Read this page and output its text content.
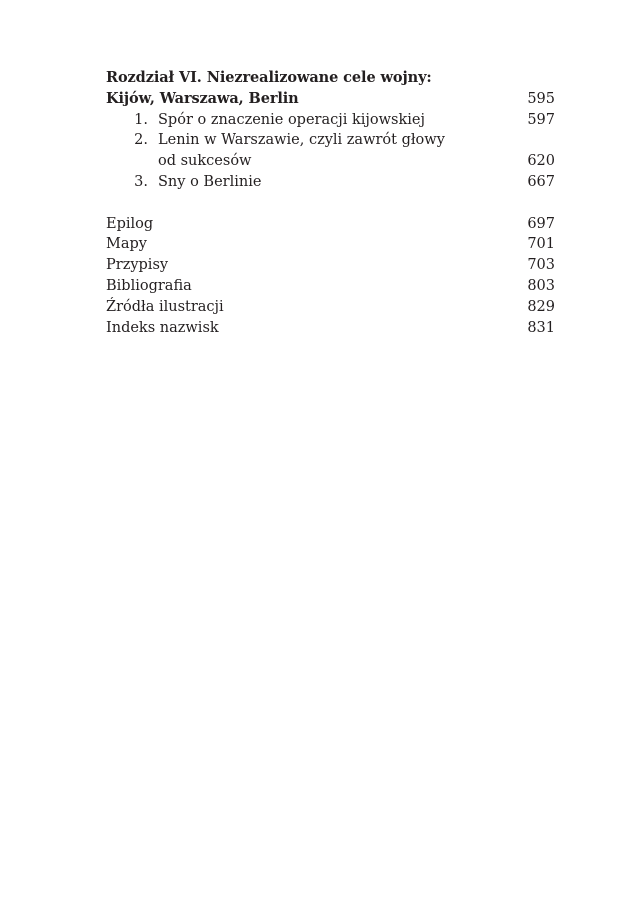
Rozdział VI. Niezrealizowane cele wojny:
Kijów, Warszawa, Berlin	595
1. Spór o znaczenie operacji kijowskiej	597
2. Lenin w Warszawie, czyli zawrót głowy
od sukcesów	620
3. Sny o Berlinie	667
Epilog	697
Mapy	701
Przypisy	703
Bibliografia	803
Źródła ilustracji	829
Indeks nazwisk	831
